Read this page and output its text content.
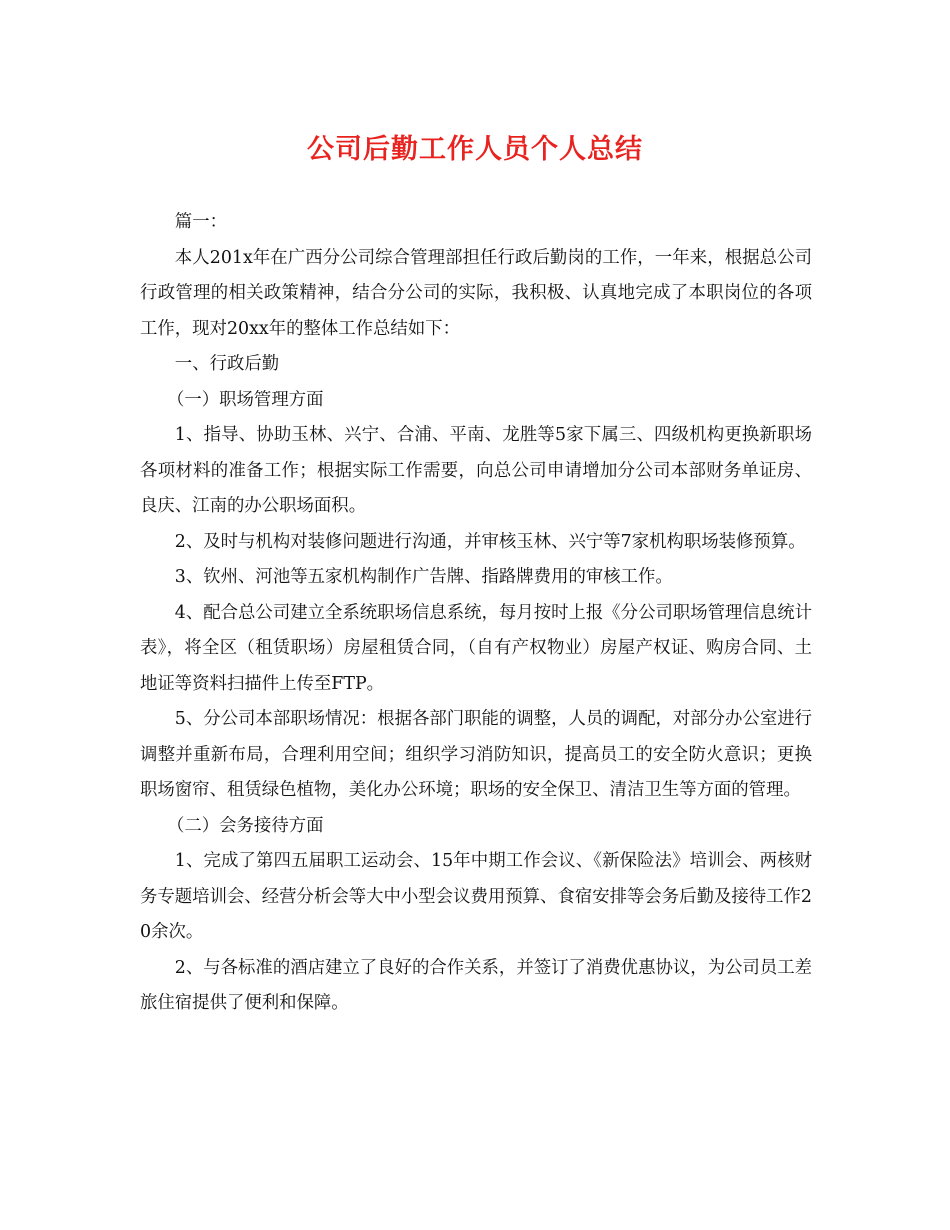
公司后勤工作人员个人总结

篇一：

本人201x年在广西分公司综合管理部担任行政后勤岗的工作，一年来，根据总公司行政管理的相关政策精神，结合分公司的实际，我积极、认真地完成了本职岗位的各项工作，现对20xx年的整体工作总结如下：

一、行政后勤

（一）职场管理方面

1、指导、协助玉林、兴宁、合浦、平南、龙胜等5家下属三、四级机构更换新职场各项材料的准备工作；根据实际工作需要，向总公司申请增加分公司本部财务单证房、良庆、江南的办公职场面积。

2、及时与机构对装修问题进行沟通，并审核玉林、兴宁等7家机构职场装修预算。

3、钦州、河池等五家机构制作广告牌、指路牌费用的审核工作。

4、配合总公司建立全系统职场信息系统，每月按时上报《分公司职场管理信息统计表》，将全区（租赁职场）房屋租赁合同，（自有产权物业）房屋产权证、购房合同、土地证等资料扫描件上传至FTP。

5、分公司本部职场情况：根据各部门职能的调整，人员的调配，对部分办公室进行调整并重新布局，合理利用空间；组织学习消防知识，提高员工的安全防火意识；更换职场窗帘、租赁绿色植物，美化办公环境；职场的安全保卫、清洁卫生等方面的管理。

（二）会务接待方面

1、完成了第四五届职工运动会、15年中期工作会议、《新保险法》培训会、两核财务专题培训会、经营分析会等大中小型会议费用预算、食宿安排等会务后勤及接待工作20余次。

2、与各标准的酒店建立了良好的合作关系，并签订了消费优惠协议，为公司员工差旅住宿提供了便利和保障。
